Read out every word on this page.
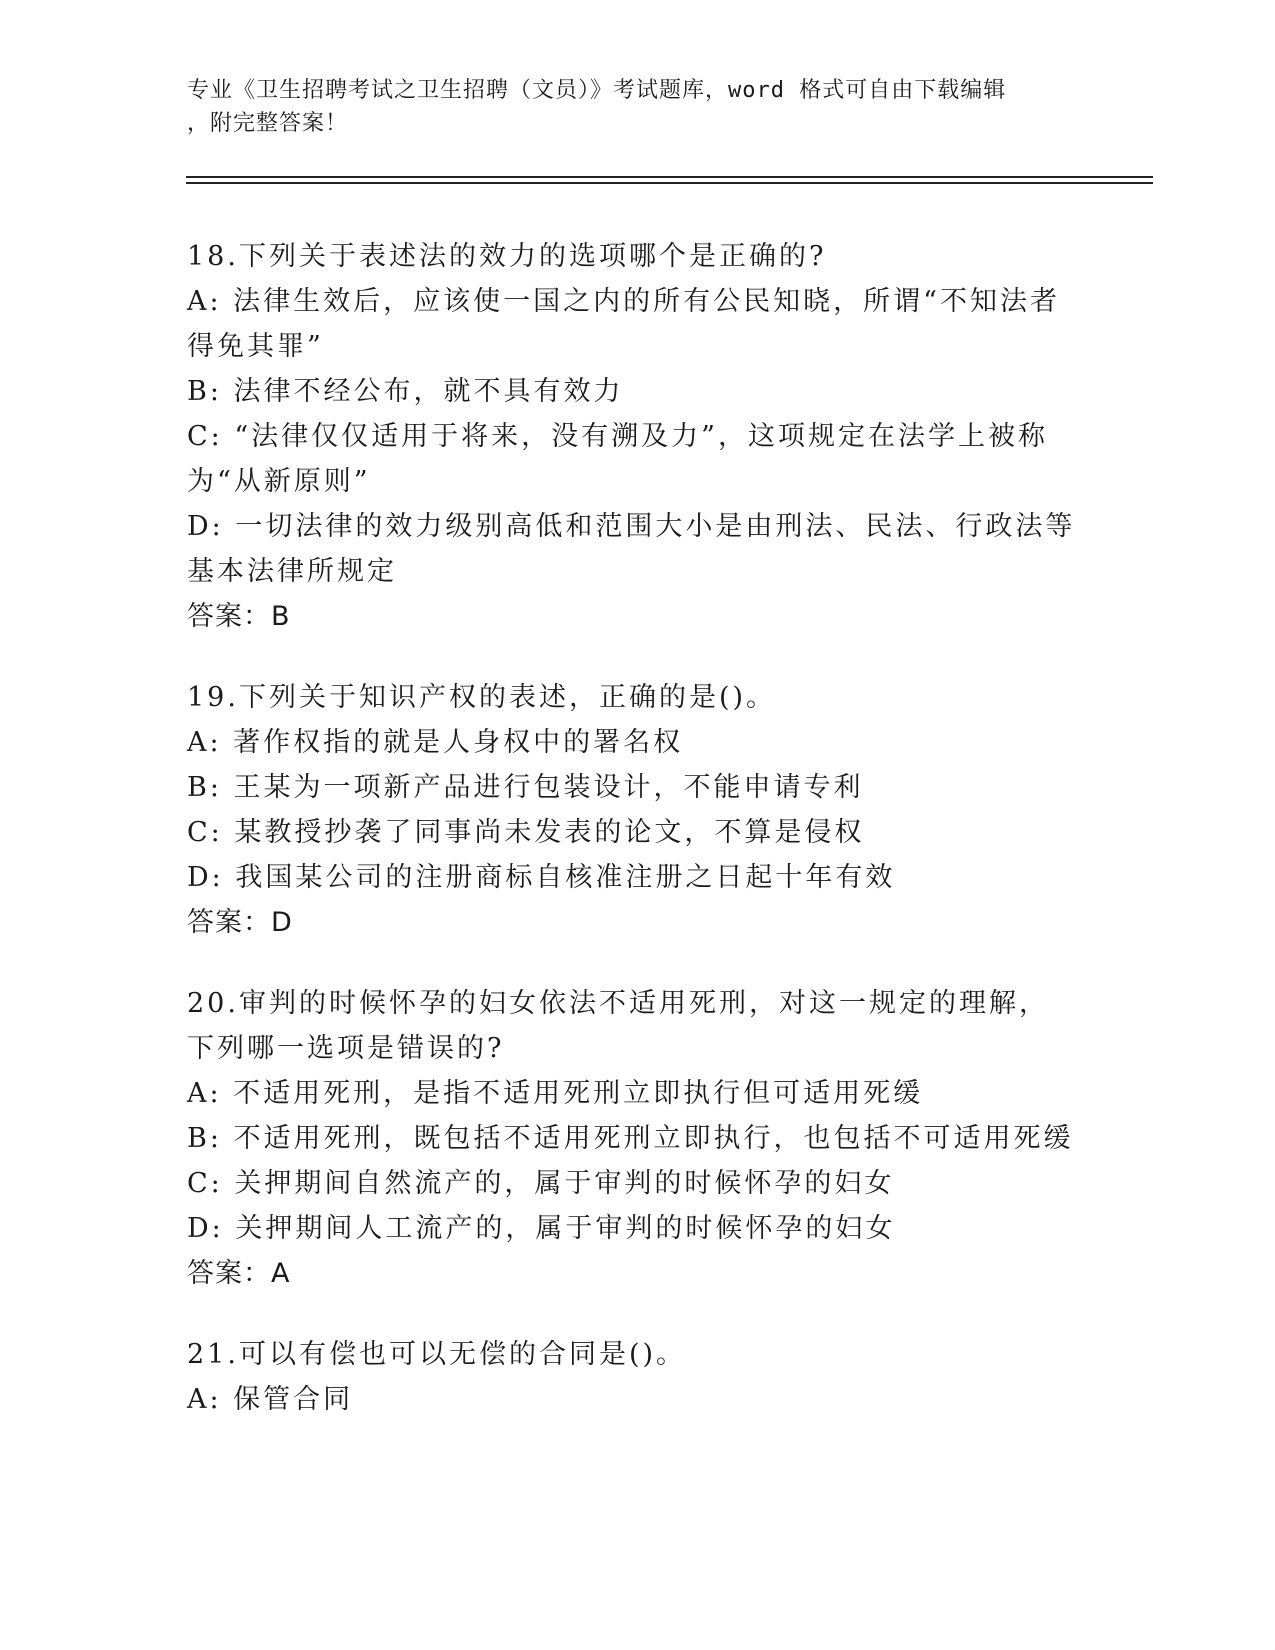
专业《卫生招聘考试之卫生招聘（文员）》考试题库，word 格式可自由下载编辑
，附完整答案！
18.下列关于表述法的效力的选项哪个是正确的?
A: 法律生效后，应该使一国之内的所有公民知晓，所谓“不知法者得免其罪”
B: 法律不经公布，就不具有效力
C: “法律仅仅适用于将来，没有溯及力”，这项规定在法学上被称为“从新原则”
D: 一切法律的效力级别高低和范围大小是由刑法、民法、行政法等基本法律所规定
答案：B
19.下列关于知识产权的表述，正确的是()。
A: 著作权指的就是人身权中的署名权
B: 王某为一项新产品进行包装设计，不能申请专利
C: 某教授抄袭了同事尚未发表的论文，不算是侵权
D: 我国某公司的注册商标自核准注册之日起十年有效
答案：D
20.审判的时候怀孕的妇女依法不适用死刑，对这一规定的理解，下列哪一选项是错误的?
A: 不适用死刑，是指不适用死刑立即执行但可适用死缓
B: 不适用死刑，既包括不适用死刑立即执行，也包括不可适用死缓
C: 关押期间自然流产的，属于审判的时候怀孕的妇女
D: 关押期间人工流产的，属于审判的时候怀孕的妇女
答案：A
21.可以有偿也可以无偿的合同是()。
A: 保管合同
